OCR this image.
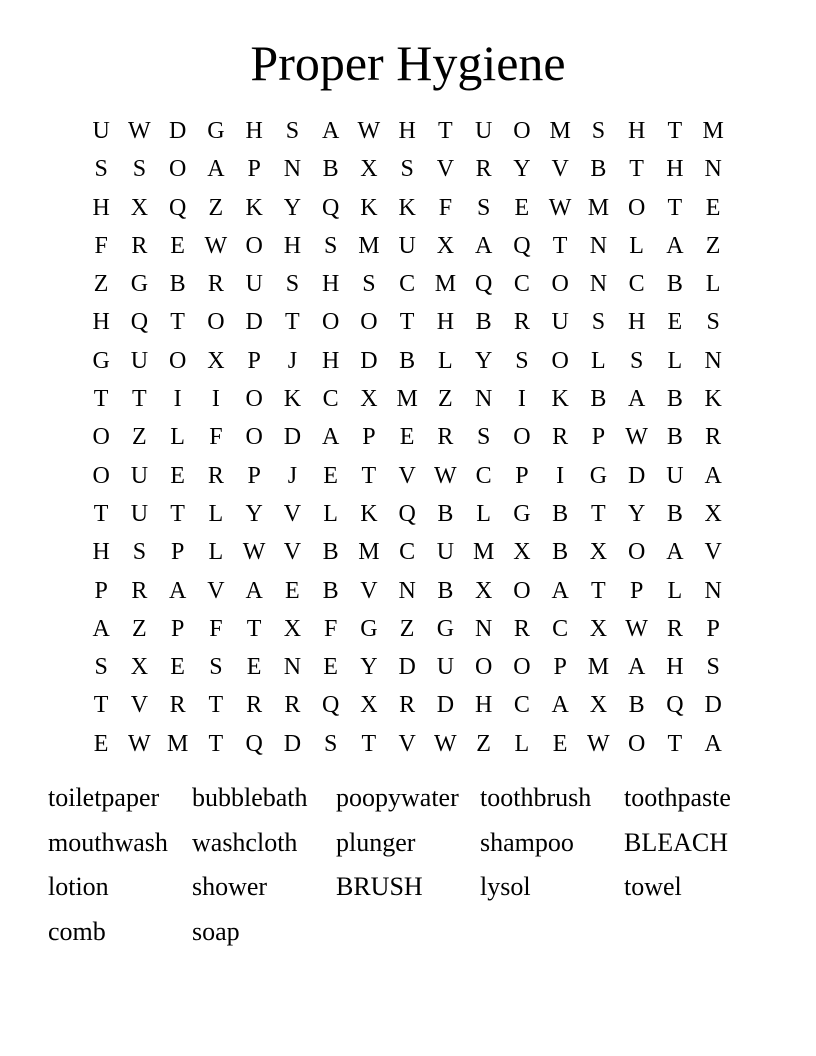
Proper Hygiene
U W D G H S A W H T U O M S H T M
S	S O A P N B X S V R Y V B T H N
H X Q Z K Y Q K K F	S	E W M O T E
F R E W O H S M U X A Q T N L A Z
Z G B R U S H S C M Q C O N C B L
H Q T O D T O O T H B R U S H E	S
G U O X P	J	H D B L Y S O L	S	L N
T T	I	I	O K C X M Z N	I	K B A B K
O Z L	F O D A P	E R S O R P W B R
O U E R P	J	E T V W C P	I	G D U A
T U T L Y V L K Q B L G B T Y B X
H S	P	L W V B M C U M X B X O A V
P R A V A E B V N B X O A T	P	L N
A Z	P	F	T X F G Z G N R C X W R P
S X E	S	E N E Y D U O O P M A H S
T V R T R R Q X R D H C A X B Q D
E W M T Q D S	T V W Z L E W O T A
toiletpaper	bubblebath	poopywater toothbrush	toothpaste
mouthwash washcloth	plunger	shampoo	BLEACH
lotion	shower	BRUSH	lysol	towel
comb	soap
